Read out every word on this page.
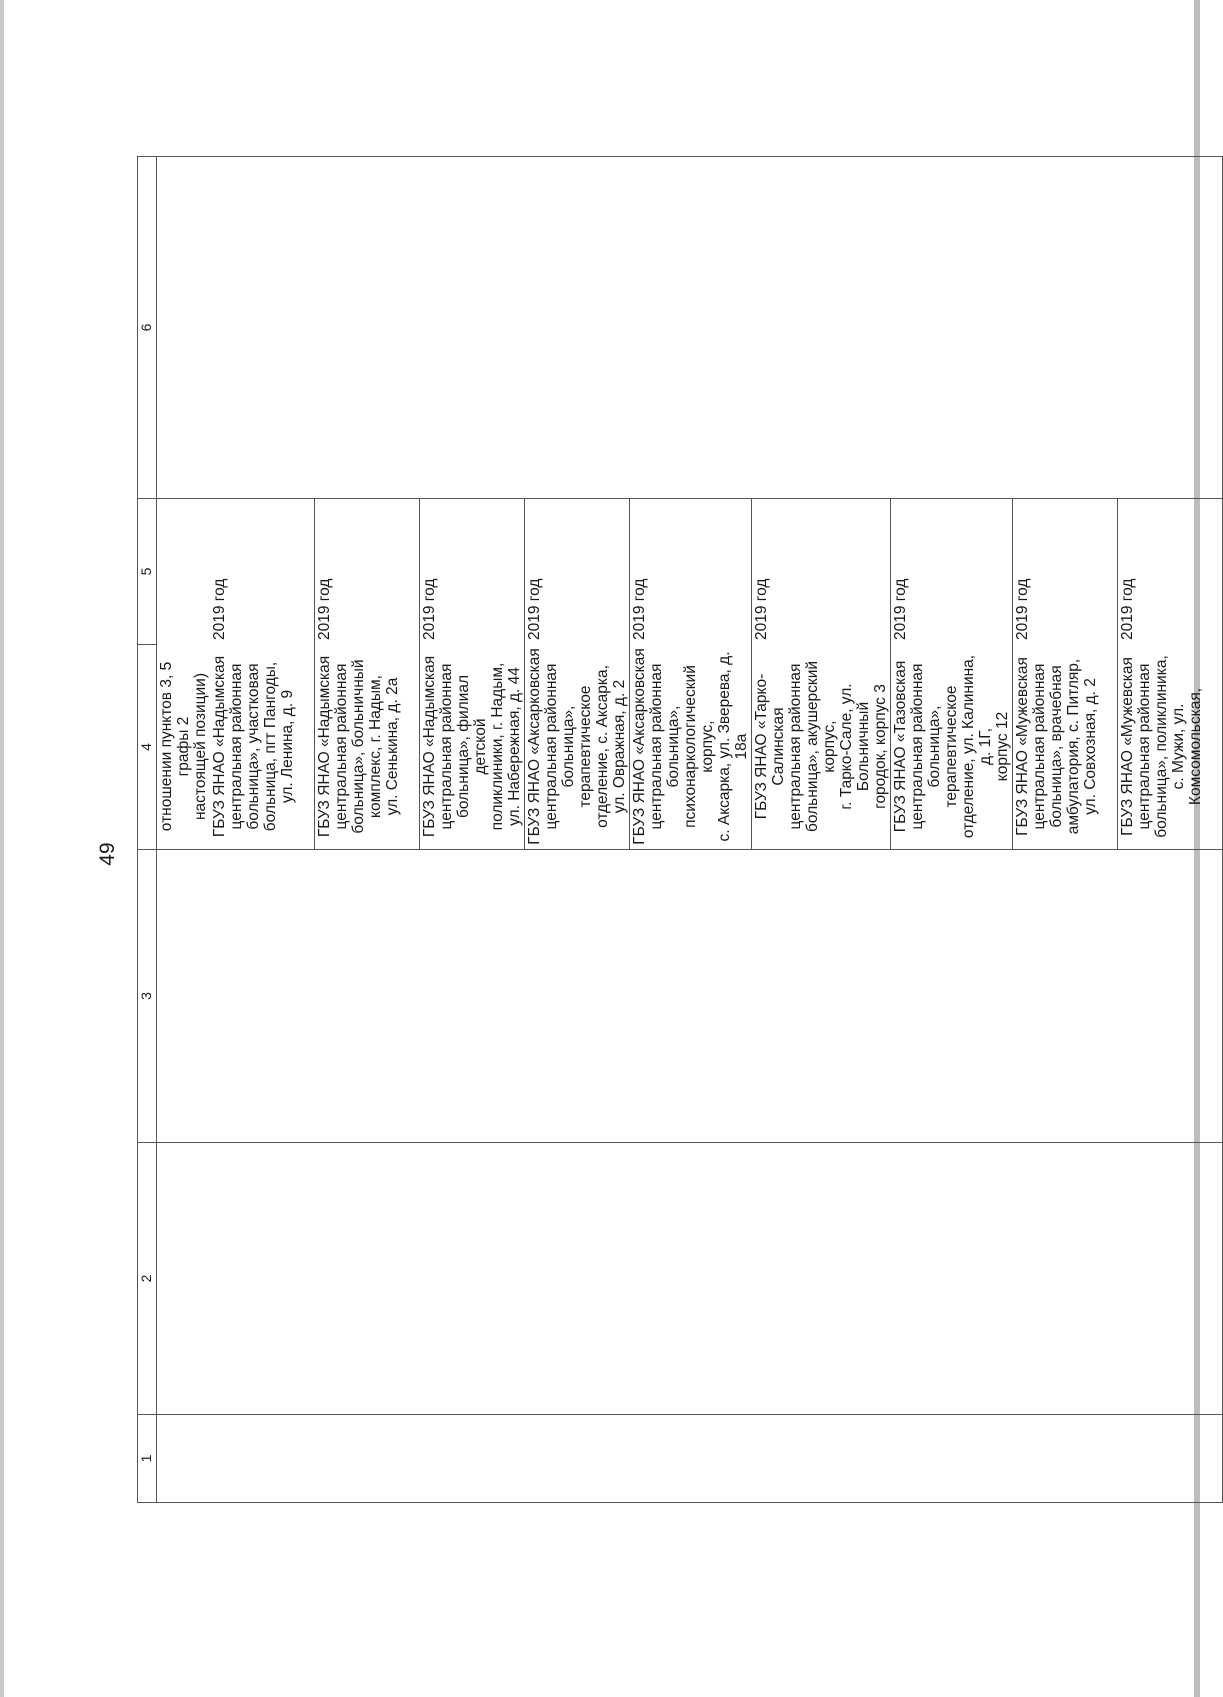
49
1	2	3	4	5	6

отношении пунктов 3, 5 графы 2
настоящей позиции)	
ГБУЗ ЯНАО «Надымская
центральная районная
больница», участковая
больница, пгт Пангоды,
ул. Ленина, д. 9	2019 год
ГБУЗ ЯНАО «Надымская
центральная районная
больница», больничный
комплекс, г. Надым,
ул. Сенькина, д. 2а	2019 год
ГБУЗ ЯНАО «Надымская
центральная районная
больница», филиал детской
поликлиники, г. Надым,
ул. Набережная, д. 44	2019 год
ГБУЗ ЯНАО «Аксарковская
центральная районная
больница», терапевтическое
отделение, с. Аксарка,
ул. Овражная, д. 2	2019 год
ГБУЗ ЯНАО «Аксарковская
центральная районная
больница»,
психонаркологический корпус,
с. Аксарка, ул. Зверева, д. 18а	2019 год
ГБУЗ ЯНАО «Тарко-Салинская
центральная районная
больница», акушерский корпус,
г. Тарко-Сале, ул. Больничный
городок, корпус 3	2019 год
ГБУЗ ЯНАО «Тазовская
центральная районная
больница», терапевтическое
отделение, ул. Калинина, д. 1Г,
корпус 12	2019 год
ГБУЗ ЯНАО «Мужевская
центральная районная
больница», врачебная
амбулатория, с. Питляр,
ул. Совхозная, д. 2	2019 год
ГБУЗ ЯНАО «Мужевская
центральная районная
больница», поликлиника,
с. Мужи, ул. Комсомольская,	2019 год
